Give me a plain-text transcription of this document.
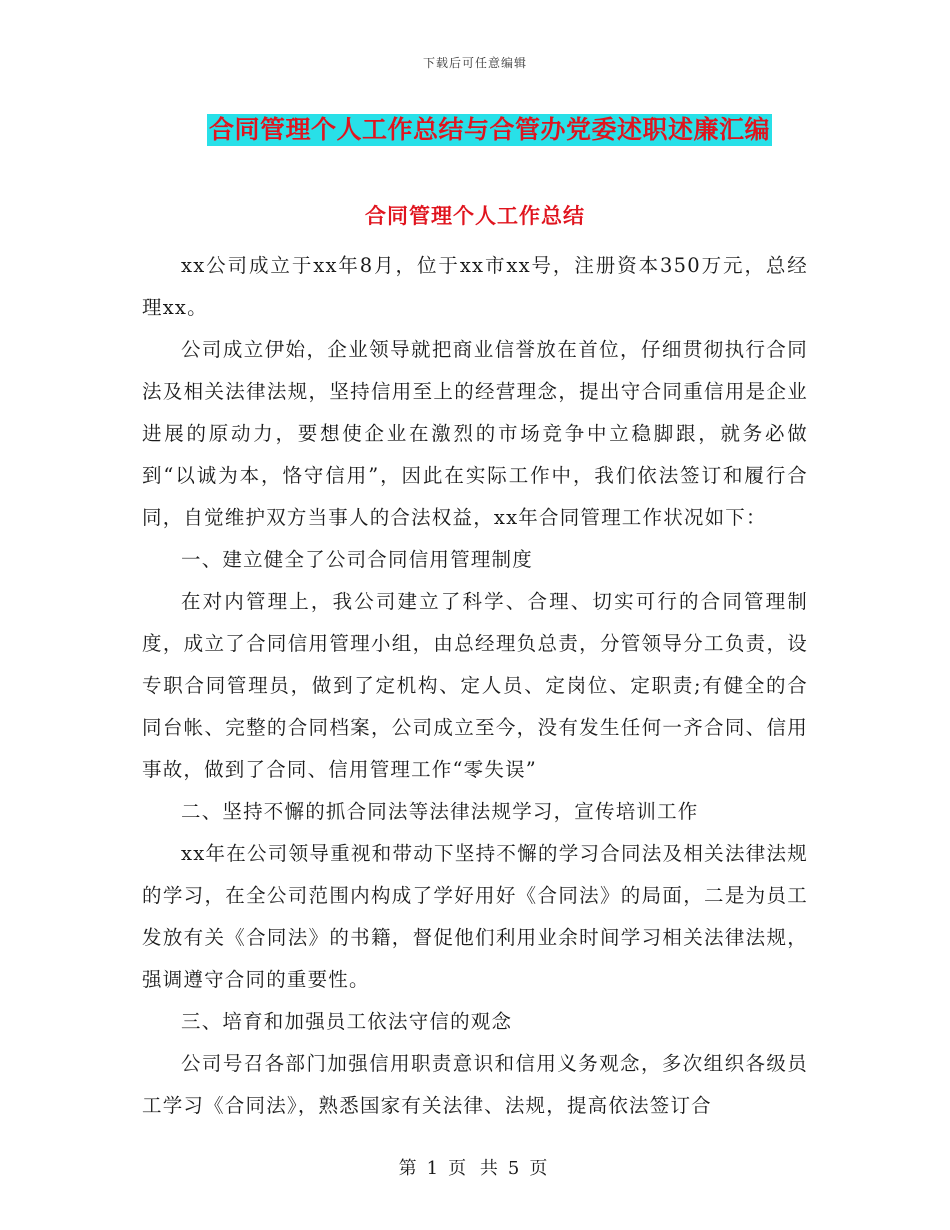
下载后可任意编辑
合同管理个人工作总结与合管办党委述职述廉汇编
合同管理个人工作总结

xx公司成立于xx年8月，位于xx市xx号，注册资本350万元，总经理xx。

公司成立伊始，企业领导就把商业信誉放在首位，仔细贯彻执行合同法及相关法律法规，坚持信用至上的经营理念，提出守合同重信用是企业进展的原动力，要想使企业在激烈的市场竞争中立稳脚跟，就务必做到“以诚为本，恪守信用”，因此在实际工作中，我们依法签订和履行合同，自觉维护双方当事人的合法权益，xx年合同管理工作状况如下：

一、建立健全了公司合同信用管理制度

在对内管理上，我公司建立了科学、合理、切实可行的合同管理制度，成立了合同信用管理小组，由总经理负总责，分管领导分工负责，设专职合同管理员，做到了定机构、定人员、定岗位、定职责;有健全的合同台帐、完整的合同档案，公司成立至今，没有发生任何一齐合同、信用事故，做到了合同、信用管理工作“零失误”

二、坚持不懈的抓合同法等法律法规学习，宣传培训工作

xx年在公司领导重视和带动下坚持不懈的学习合同法及相关法律法规的学习，在全公司范围内构成了学好用好《合同法》的局面，二是为员工发放有关《合同法》的书籍，督促他们利用业余时间学习相关法律法规，强调遵守合同的重要性。

三、培育和加强员工依法守信的观念

公司号召各部门加强信用职责意识和信用义务观念，多次组织各级员工学习《合同法》，熟悉国家有关法律、法规，提高依法签订合

第 1 页 共 5 页
